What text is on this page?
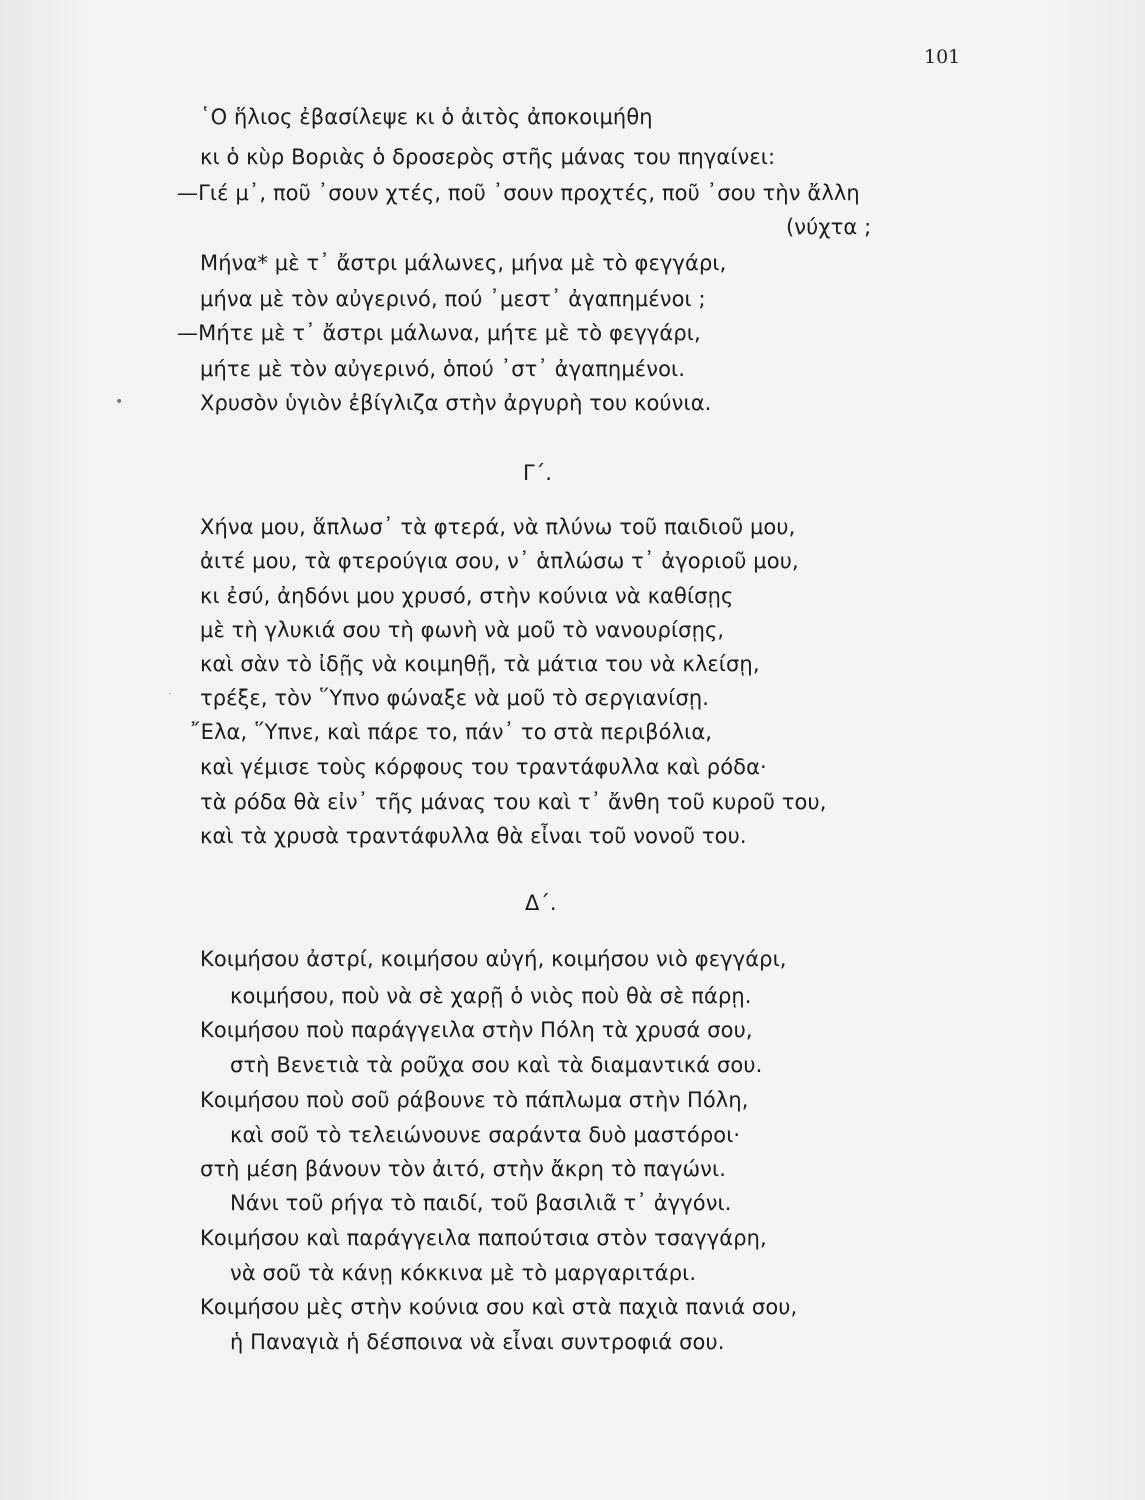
101
῾Ο ἥλιος ἐβασίλεψε κι ὁ ἀιτὸς ἀποκοιμήθη
κι ὁ κὺρ Βοριὰς ὁ δροσερὸς στῆς μάνας του πηγαίνει:
—Γιέ μ᾿, ποῦ ᾿σουν χτές, ποῦ ᾿σουν προχτές, ποῦ ᾿σου τὴν ἄλλη
(νύχτα ;
Μήνα* μὲ τ᾿ ἄστρι μάλωνες, μήνα μὲ τὸ φεγγάρι,
μήνα μὲ τὸν αὐγερινό, πού ᾿μεστ᾿ ἀγαπημένοι ;
—Μήτε μὲ τ᾿ ἄστρι μάλωνα, μήτε μὲ τὸ φεγγάρι,
μήτε μὲ τὸν αὐγερινό, ὁπού ᾿στ᾿ ἀγαπημένοι.
Χρυσὸν ὑγιὸν ἐβίγλιζα στὴν ἀργυρὴ του κούνια.
•
Γ΄.
Χήνα μου, ἅπλωσ᾿ τὰ φτερά, νὰ πλύνω τοῦ παιδιοῦ μου,
ἀιτέ μου, τὰ φτερούγια σου, ν᾿ ἁπλώσω τ᾿ ἀγοριοῦ μου,
κι ἐσύ, ἀηδόνι μου χρυσό, στὴν κούνια νὰ καθίσῃς
μὲ τὴ γλυκιά σου τὴ φωνὴ νὰ μοῦ τὸ νανουρίσῃς,
καὶ σὰν τὸ ἰδῇς νὰ κοιμηθῇ, τὰ μάτια του νὰ κλείσῃ,
τρέξε, τὸν ῞Υπνο φώναξε νὰ μοῦ τὸ σεργιανίσῃ.
῎Ελα, ῞Υπνε, καὶ πάρε το, πάν᾿ το στὰ περιβόλια,
καὶ γέμισε τοὺς κόρφους του τραντάφυλλα καὶ ρόδα·
τὰ ρόδα θὰ εἰν᾿ τῆς μάνας του καὶ τ᾿ ἄνθη τοῦ κυροῦ του,
καὶ τὰ χρυσὰ τραντάφυλλα θὰ εἶναι τοῦ νονοῦ του.
Δ΄.
Κοιμήσου ἀστρί, κοιμήσου αὐγή, κοιμήσου νιὸ φεγγάρι,
κοιμήσου, ποὺ νὰ σὲ χαρῇ ὁ νιὸς ποὺ θὰ σὲ πάρῃ.
Κοιμήσου ποὺ παράγγειλα στὴν Πόλη τὰ χρυσά σου,
στὴ Βενετιὰ τὰ ροῦχα σου καὶ τὰ διαμαντικά σου.
Κοιμήσου ποὺ σοῦ ράβουνε τὸ πάπλωμα στὴν Πόλη,
καὶ σοῦ τὸ τελειώνουνε σαράντα δυὸ μαστόροι·
στὴ μέση βάνουν τὸν ἀιτό, στὴν ἄκρη τὸ παγώνι.
Νάνι τοῦ ρήγα τὸ παιδί, τοῦ βασιλιᾶ τ᾿ ἀγγόνι.
Κοιμήσου καὶ παράγγειλα παπούτσια στὸν τσαγγάρη,
νὰ σοῦ τὰ κάνῃ κόκκινα μὲ τὸ μαργαριτάρι.
Κοιμήσου μὲς στὴν κούνια σου καὶ στὰ παχιὰ πανιά σου,
ἡ Παναγιὰ ἡ δέσποινα νὰ εἶναι συντροφιά σου.
